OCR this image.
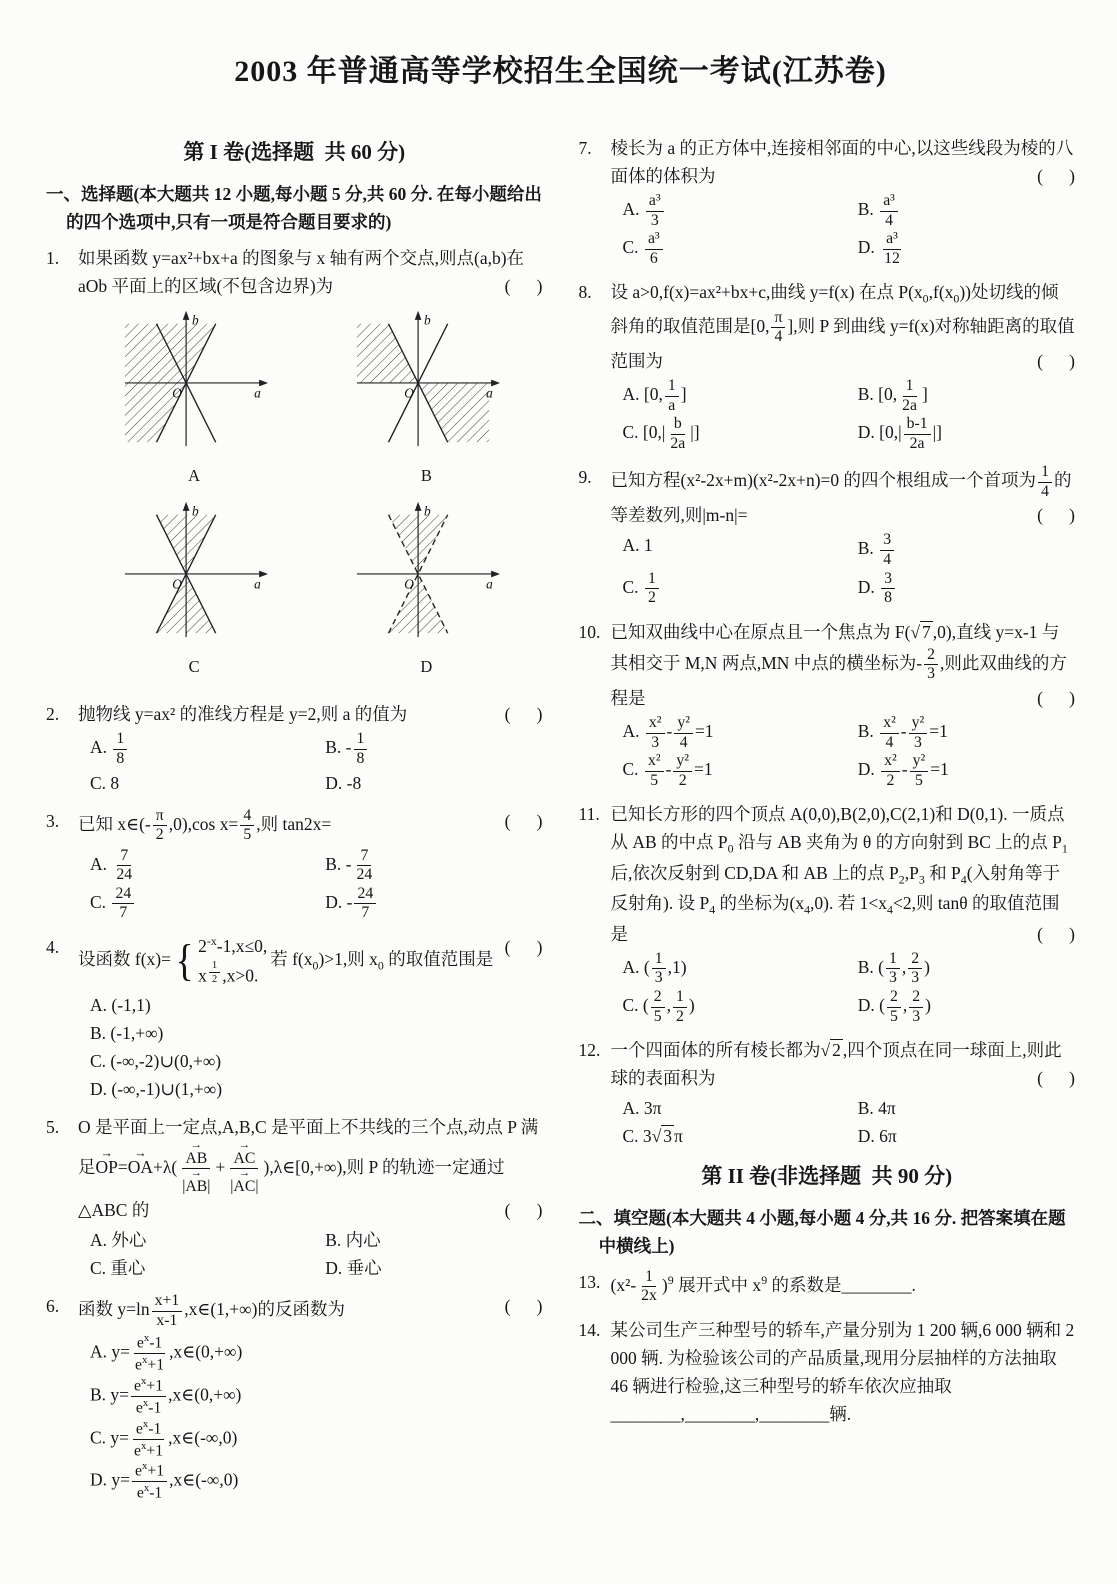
2003 年普通高等学校招生全国统一考试(江苏卷)
第 I 卷(选择题  共 60 分)

一、选择题(本大题共 12 小题,每小题 5 分,共 60 分. 在每小题给出的四个选项中,只有一项是符合题目要求的)

1.	如果函数 y=ax²+bx+a 的图象与 x 轴有两个交点,则点(a,b)在 aOb 平面上的区域(不包含边界)为	(      )
b
a
O
A
b
a
O
B
b
a
O
C
b
a
O
D
2.	抛物线 y=ax² 的准线方程是 y=2,则 a 的值为	(      )
A. $\frac{1}{8}$	B. - $\frac{1}{8}$
C. 8	D. -8
3.	已知 x∈(- $\frac{\pi}{2} ,0),\cos$ $x= \frac{4}{5}$ ,则 tan2x=	(      )
A. $\frac{7}{24}$	B. - $\frac{7}{24}$
C. $\frac{24}{7}$	D. - $\frac{24}{7}$
4.
设函数 f(x)= { $2^{-x}-1,x\le 0$,
x $^{\frac{1}{2}}$ ,x>0.
若 $f(x_0)>1$,则 $x_0$ 的取值范围是
(      )
A. (-1,1)
B. (-1,+∞)
C. (-∞,-2)∪(0,+∞)
D. (-∞,-1)∪(1,+∞)
5.	O 是平面上一定点,A,B,C 是平面上不共线的三个点,动点 P 满足OP $\to=OA \to+\lambda( \frac{AB \to}{|AB \to|} + \frac{AC \to}{|AC \to|}$ ),λ∈[0,+∞),则 P 的轨迹一定通过△ABC 的	(      )
A. 外心	B. 内心
C. 重心	D. 垂心
6.	函数 $y=\ln \frac{x+1}{x-1}$ ,x∈(1,+∞)的反函数为	(      )
A. $y= \frac{e^x-1}{e^x+1}$ ,x∈(0,+∞)
B. $y= \frac{e^x+1}{e^x-1}$ ,x∈(0,+∞)
C. $y= \frac{e^x-1}{e^x+1}$ ,x∈(-∞,0)
D. $y= \frac{e^x+1}{e^x-1}$ ,x∈(-∞,0)
7.	棱长为 a 的正方体中,连接相邻面的中心,以这些线段为棱的八面体的体积为	(      )
A. $\frac{\text{a³}}{3}$	B. $\frac{\text{a³}}{4}$
C. $\frac{\text{a³}}{6}$	D. $\frac{\text{a³}}{12}$
8.	设 a>0,f(x)=ax²+bx+c,曲线 y=f(x) 在点 $P(x_0,f(x_0))$处切线的倾斜角的取值范围是[0, $\frac{\pi}{4}$ ],则 P 到曲线 y=f(x)对称轴距离的取值范围为	(      )
A. [0, $\frac{1}{a}$ ]	B. [0, $\frac{1}{2a}$ ]
C. [$0,| \frac{b}{2a}$ |]	D. [$0,| \frac{b-1}{2a}$ |]
9.	已知方程(x²-2x+m)(x²-2x+n)=0 的四个根组成一个首项为 $\frac{1}{4}$ 的等差数列,则|m-n|=	(      )
A. 1	B. $\frac{3}{4}$
C. $\frac{1}{2}$	D. $\frac{3}{8}$
10. 已知双曲线中心在原点且一个焦点为 F(√ 7 ,0),直线 y=x-1 与其相交于 M,N 两点,MN 中点的横坐标为- $\frac{2}{3}$ ,则此双曲线的方程是	(      )
A. $\frac{\text{x²}}{3} - \frac{\text{y²}}{4} =1$	B. $\frac{\text{x²}}{4} - \frac{\text{y²}}{3} =1$
C. $\frac{\text{x²}}{5} - \frac{\text{y²}}{2} =1$	D. $\frac{\text{x²}}{2} - \frac{\text{y²}}{5} =1$
11. 已知长方形的四个顶点 A(0,0),B(2,0),C(2,1)和 D(0,1). 一质点从 AB 的中点 $P_0$ 沿与 AB 夹角为 θ 的方向射到 BC 上的点 $P_1$ 后,依次反射到 CD,DA 和 AB 上的点 $P_2,P_3$ 和 $P_4$(入射角等于反射角). 设 $P_4$ 的坐标为$(x_4,0)$. 若 $1<x_4<2$,则 tanθ 的取值范围是	(      )
A. ( $\frac{1}{3} ,1$)	B. ( $\frac{1}{3}$ , $\frac{2}{3}$ )
C. ( $\frac{2}{5}$ , $\frac{1}{2}$ )	D. ( $\frac{2}{5}$ , $\frac{2}{3}$ )
12. 一个四面体的所有棱长都为√ 2 ,四个顶点在同一球面上,则此球的表面积为	(      )
A. 3π	B. 4π
C. 3√ 3 π	D. 6π
第 II 卷(非选择题  共 90 分)

二、填空题(本大题共 4 小题,每小题 4 分,共 16 分. 把答案填在题中横线上)

13. $(x^2- \frac{1}{2x} )^9$ 展开式中 $x^9$ 的系数是________.
14. 某公司生产三种型号的轿车,产量分别为 1 200 辆,6 000 辆和 2 000 辆. 为检验该公司的产品质量,现用分层抽样的方法抽取 46 辆进行检验,这三种型号的轿车依次应抽取________,________,________辆.
